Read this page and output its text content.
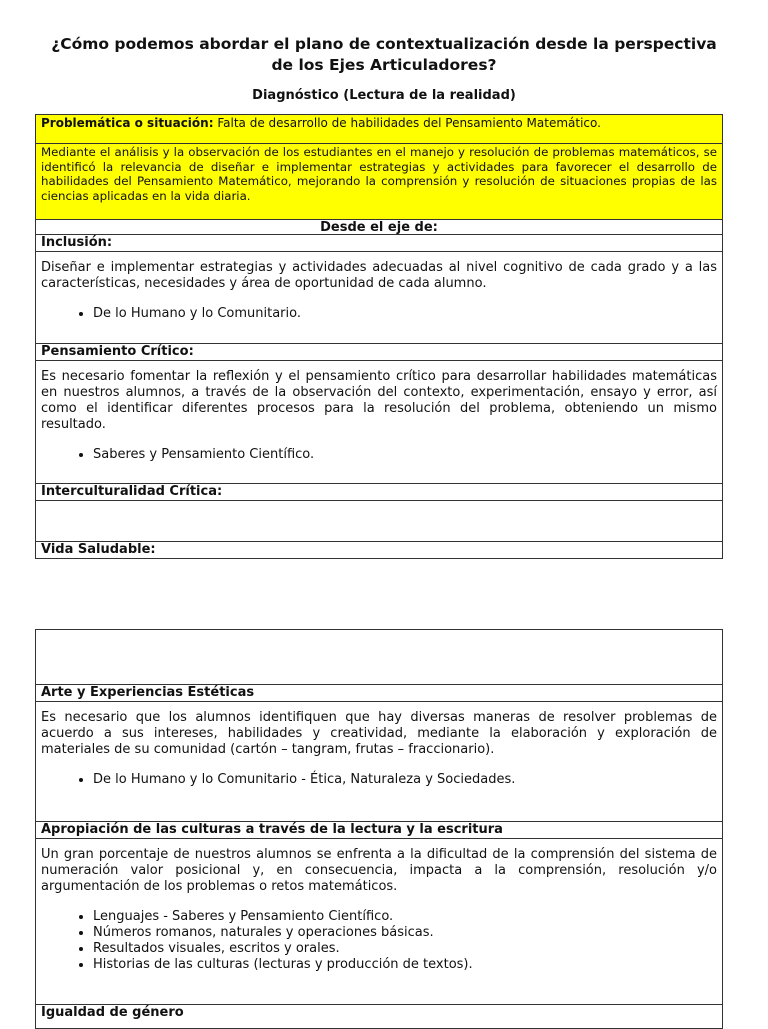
¿Cómo podemos abordar el plano de contextualización desde la perspectiva de los Ejes Articuladores?
Diagnóstico (Lectura de la realidad)
Problemática o situación: Falta de desarrollo de habilidades del Pensamiento Matemático.
Mediante el análisis y la observación de los estudiantes en el manejo y resolución de problemas matemáticos, se identificó la relevancia de diseñar e implementar estrategias y actividades para favorecer el desarrollo de habilidades del Pensamiento Matemático, mejorando la comprensión y resolución de situaciones propias de las ciencias aplicadas en la vida diaria.
Desde el eje de:
Inclusión:

Diseñar e implementar estrategias y actividades adecuadas al nivel cognitivo de cada grado y a las características, necesidades y área de oportunidad de cada alumno.

• De lo Humano y lo Comunitario.
Pensamiento Crítico:

Es necesario fomentar la reflexión y el pensamiento crítico para desarrollar habilidades matemáticas en nuestros alumnos, a través de la observación del contexto, experimentación, ensayo y error, así como el identificar diferentes procesos para la resolución del problema, obteniendo un mismo resultado.

• Saberes y Pensamiento Científico.
Interculturalidad Crítica:
Vida Saludable:
Arte y Experiencias Estéticas

Es necesario que los alumnos identifiquen que hay diversas maneras de resolver problemas de acuerdo a sus intereses, habilidades y creatividad, mediante la elaboración y exploración de materiales de su comunidad (cartón – tangram, frutas – fraccionario).

• De lo Humano y lo Comunitario - Ética, Naturaleza y Sociedades.
Apropiación de las culturas a través de la lectura y la escritura

Un gran porcentaje de nuestros alumnos se enfrenta a la dificultad de la comprensión del sistema de numeración valor posicional y, en consecuencia, impacta a la comprensión, resolución y/o argumentación de los problemas o retos matemáticos.

• Lenguajes - Saberes y Pensamiento Científico.
• Números romanos, naturales y operaciones básicas.
• Resultados visuales, escritos y orales.
• Historias de las culturas (lecturas y producción de textos).
Igualdad de género
